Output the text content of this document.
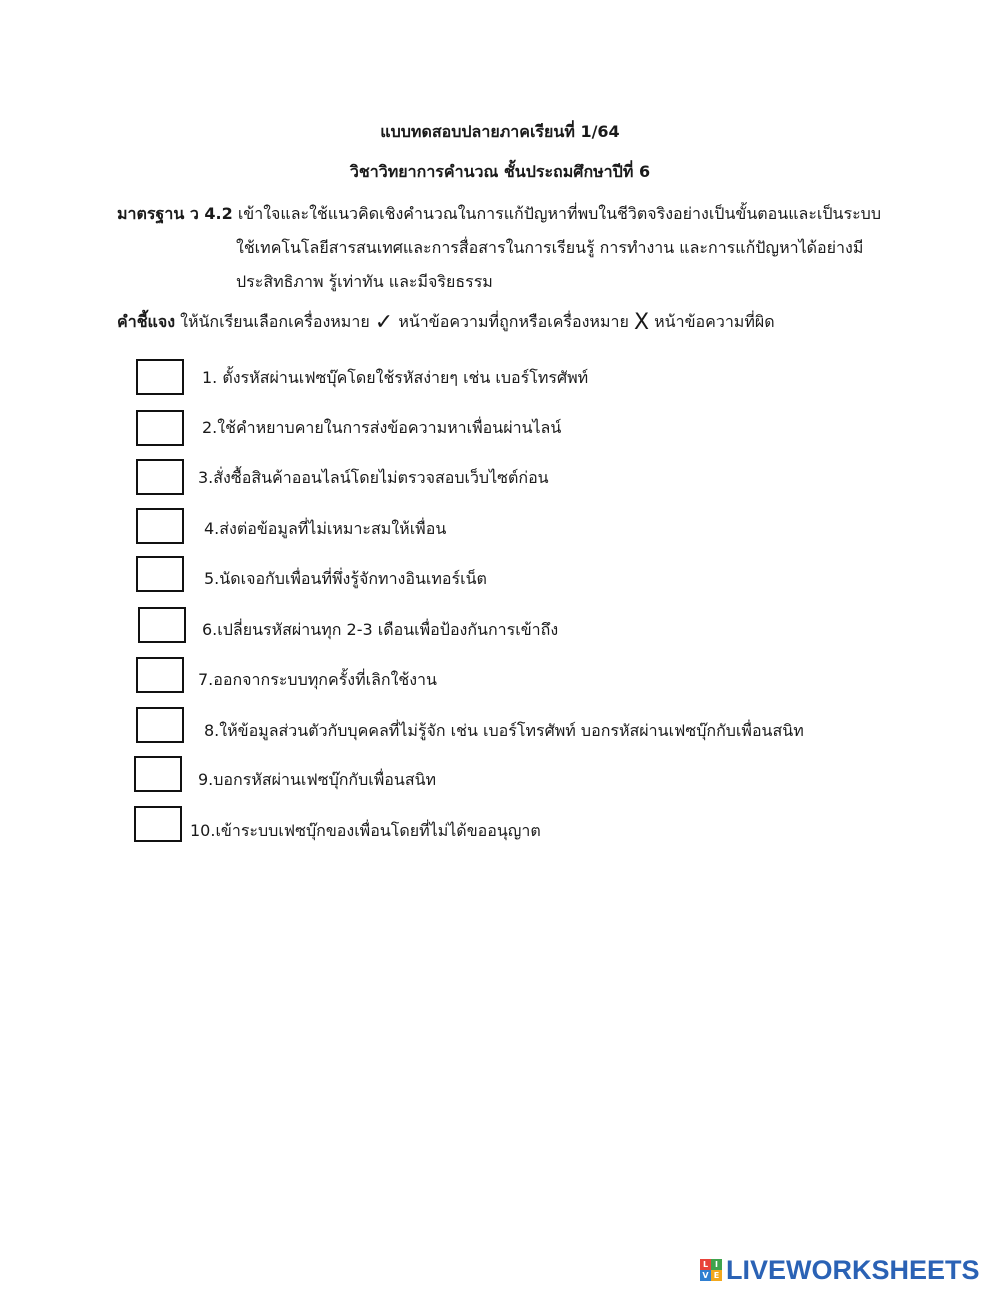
แบบทดสอบปลายภาคเรียนที่ 1/64
วิชาวิทยาการคำนวณ ชั้นประถมศึกษาปีที่ 6
มาตรฐาน ว 4.2 เข้าใจและใช้แนวคิดเชิงคำนวณในการแก้ปัญหาที่พบในชีวิตจริงอย่างเป็นขั้นตอนและเป็นระบบ
ใช้เทคโนโลยีสารสนเทศและการสื่อสารในการเรียนรู้ การทำงาน และการแก้ปัญหาได้อย่างมี
ประสิทธิภาพ รู้เท่าทัน และมีจริยธรรม
คำชี้แจง ให้นักเรียนเลือกเครื่องหมาย ✓ หน้าข้อความที่ถูกหรือเครื่องหมาย X หน้าข้อความที่ผิด
1. ตั้งรหัสผ่านเฟซบุ๊คโดยใช้รหัสง่ายๆ เช่น เบอร์โทรศัพท์
2.ใช้คำหยาบคายในการส่งข้อความหาเพื่อนผ่านไลน์
3.สั่งซื้อสินค้าออนไลน์โดยไม่ตรวจสอบเว็บไซต์ก่อน
4.ส่งต่อข้อมูลที่ไม่เหมาะสมให้เพื่อน
5.นัดเจอกับเพื่อนที่พึ่งรู้จักทางอินเทอร์เน็ต
6.เปลี่ยนรหัสผ่านทุก 2-3 เดือนเพื่อป้องกันการเข้าถึง
7.ออกจากระบบทุกครั้งที่เลิกใช้งาน
8.ให้ข้อมูลส่วนตัวกับบุคคลที่ไม่รู้จัก เช่น เบอร์โทรศัพท์ บอกรหัสผ่านเฟซบุ๊กกับเพื่อนสนิท
9.บอกรหัสผ่านเฟซบุ๊กกับเพื่อนสนิท
10.เข้าระบบเฟซบุ๊กของเพื่อนโดยที่ไม่ได้ขออนุญาต
L I
V E LIVEWORKSHEETS
